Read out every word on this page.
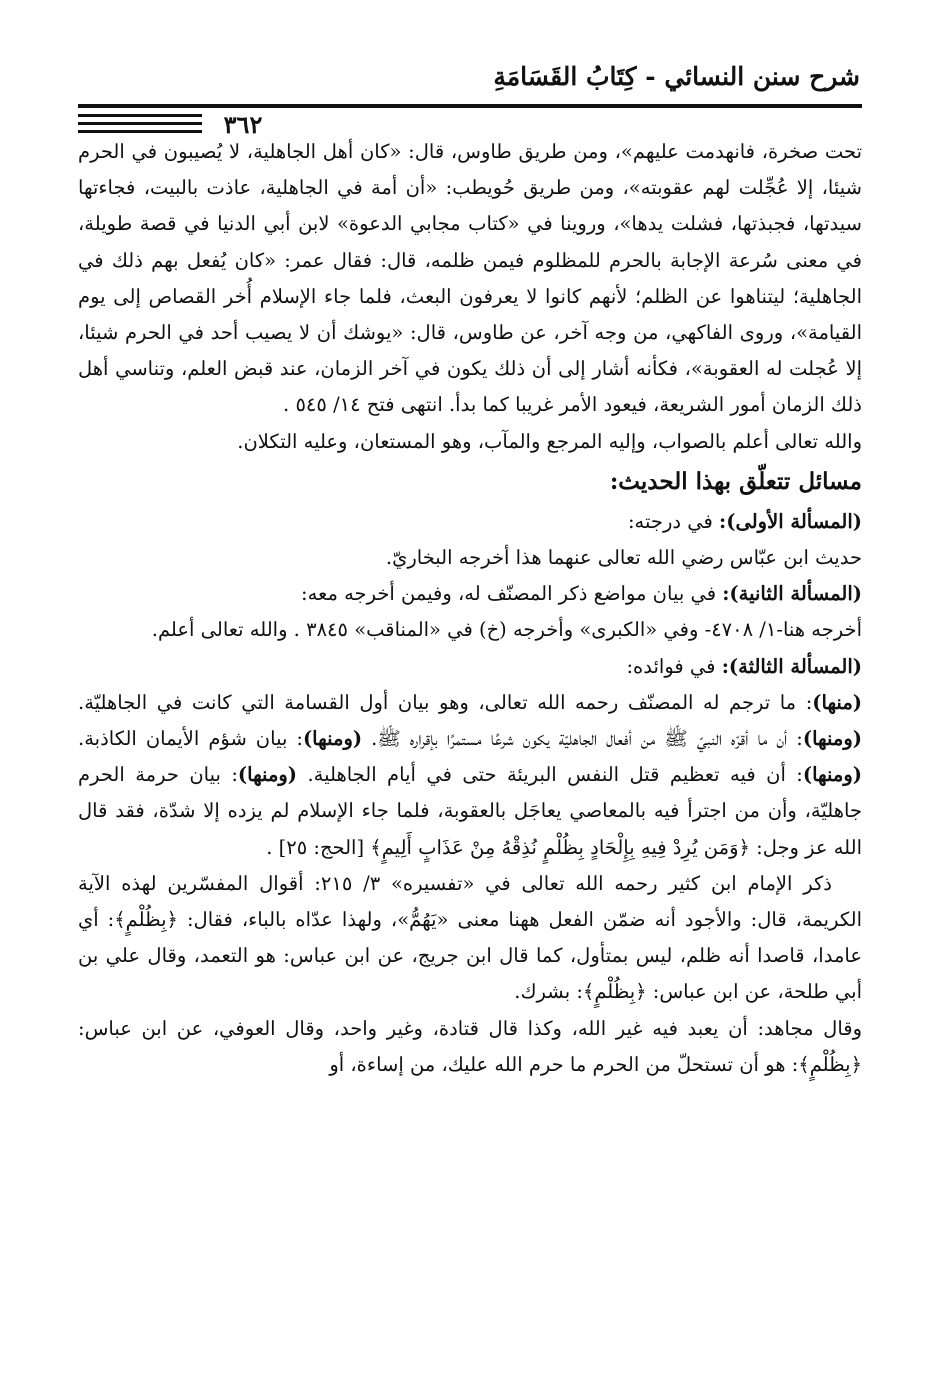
شرح سنن النسائي - كِتَابُ القَسَامَةِ
٣٦٢

تحت صخرة، فانهدمت عليهم»، ومن طريق طاوس، قال: «كان أهل الجاهلية، لا يُصيبون في الحرم شيئا، إلا عُجِّلت لهم عقوبته»، ومن طريق حُويطب: «أن أمة في الجاهلية، عاذت بالبيت، فجاءتها سيدتها، فجبذتها، فشلت يدها»، وروينا في «كتاب مجابي الدعوة» لابن أبي الدنيا في قصة طويلة، في معنى سُرعة الإجابة بالحرم للمظلوم فيمن ظلمه، قال: فقال عمر: «كان يُفعل بهم ذلك في الجاهلية؛ ليتناهوا عن الظلم؛ لأنهم كانوا لا يعرفون البعث، فلما جاء الإسلام أُخر القصاص إلى يوم القيامة»، وروى الفاكهي، من وجه آخر، عن طاوس، قال: «يوشك أن لا يصيب أحد في الحرم شيئا، إلا عُجلت له العقوبة»، فكأنه أشار إلى أن ذلك يكون في آخر الزمان، عند قبض العلم، وتناسي أهل ذلك الزمان أمور الشريعة، فيعود الأمر غريبا كما بدأ. انتهى فتح ١٤/ ٥٤٥ .

والله تعالى أعلم بالصواب، وإليه المرجع والمآب، وهو المستعان، وعليه التكلان.

مسائل تتعلّق بهذا الحديث:

(المسألة الأولى): في درجته:

حديث ابن عبّاس رضي الله تعالى عنهما هذا أخرجه البخاريّ.

(المسألة الثانية): في بيان مواضع ذكر المصنّف له، وفيمن أخرجه معه:

أخرجه هنا-١/ ٤٧٠٨- وفي «الكبرى» وأخرجه (خ) في «المناقب» ٣٨٤٥ . والله تعالى أعلم.

(المسألة الثالثة): في فوائده:

(منها): ما ترجم له المصنّف رحمه الله تعالى، وهو بيان أول القسامة التي كانت في الجاهليّة. (ومنها): أن ما أقرّه النبيّ ﷺ من أفعال الجاهليّة يكون شرعًا مستمرًا بإقراره ﷺ. (ومنها): بيان شؤم الأيمان الكاذبة. (ومنها): أن فيه تعظيم قتل النفس البريئة حتى في أيام الجاهلية. (ومنها): بيان حرمة الحرم جاهليّة، وأن من اجترأ فيه بالمعاصي يعاجَل بالعقوبة، فلما جاء الإسلام لم يزده إلا شدّة، فقد قال الله عز وجل: ﴿وَمَن يُرِدْ فِيهِ بِإِلْحَادٍ بِظُلْمٍ نُذِقْهُ مِنْ عَذَابٍ أَلِيمٍ﴾ [الحج: ٢٥] .

ذكر الإمام ابن كثير رحمه الله تعالى في «تفسيره» ٣/ ٢١٥: أقوال المفسّرين لهذه الآية الكريمة، قال: والأجود أنه ضمّن الفعل ههنا معنى «يَهُمُّ»، ولهذا عدّاه بالباء، فقال: ﴿بِظُلْمٍ﴾: أي عامدا، قاصدا أنه ظلم، ليس بمتأول، كما قال ابن جريج، عن ابن عباس: هو التعمد، وقال علي بن أبي طلحة، عن ابن عباس: ﴿بِظُلْمٍ﴾: بشرك.

وقال مجاهد: أن يعبد فيه غير الله، وكذا قال قتادة، وغير واحد، وقال العوفي، عن ابن عباس: ﴿بِظُلْمٍ﴾: هو أن تستحلّ من الحرم ما حرم الله عليك، من إساءة، أو
